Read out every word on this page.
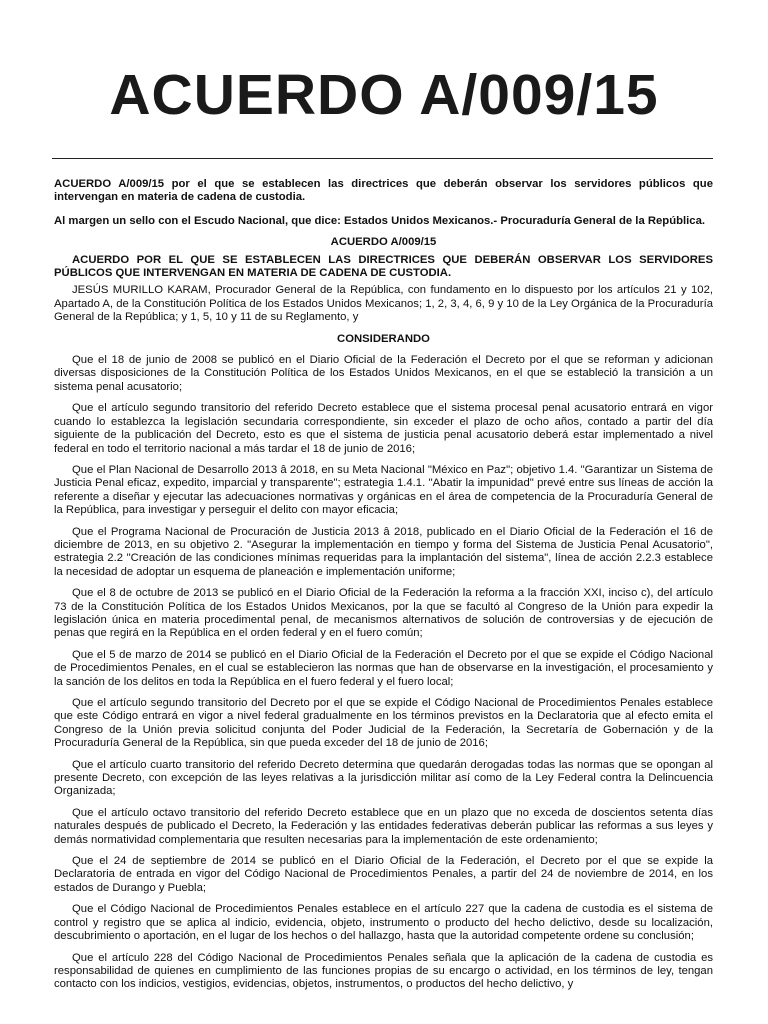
ACUERDO A/009/15

ACUERDO A/009/15 por el que se establecen las directrices que deberán observar los servidores públicos que intervengan en materia de cadena de custodia.

Al margen un sello con el Escudo Nacional, que dice: Estados Unidos Mexicanos.- Procuraduría General de la República.

ACUERDO A/009/15

ACUERDO POR EL QUE SE ESTABLECEN LAS DIRECTRICES QUE DEBERÁN OBSERVAR LOS SERVIDORES PÚBLICOS QUE INTERVENGAN EN MATERIA DE CADENA DE CUSTODIA.

JESÚS MURILLO KARAM, Procurador General de la República, con fundamento en lo dispuesto por los artículos 21 y 102, Apartado A, de la Constitución Política de los Estados Unidos Mexicanos; 1, 2, 3, 4, 6, 9 y 10 de la Ley Orgánica de la Procuraduría General de la República; y 1, 5, 10 y 11 de su Reglamento, y

CONSIDERANDO

Que el 18 de junio de 2008 se publicó en el Diario Oficial de la Federación el Decreto por el que se reforman y adicionan diversas disposiciones de la Constitución Política de los Estados Unidos Mexicanos, en el que se estableció la transición a un sistema penal acusatorio;

Que el artículo segundo transitorio del referido Decreto establece que el sistema procesal penal acusatorio entrará en vigor cuando lo establezca la legislación secundaria correspondiente, sin exceder el plazo de ocho años, contado a partir del día siguiente de la publicación del Decreto, esto es que el sistema de justicia penal acusatorio deberá estar implementado a nivel federal en todo el territorio nacional a más tardar el 18 de junio de 2016;

Que el Plan Nacional de Desarrollo 2013 â 2018, en su Meta Nacional "México en Paz"; objetivo 1.4. "Garantizar un Sistema de Justicia Penal eficaz, expedito, imparcial y transparente"; estrategia 1.4.1. "Abatir la impunidad" prevé entre sus líneas de acción la referente a diseñar y ejecutar las adecuaciones normativas y orgánicas en el área de competencia de la Procuraduría General de la República, para investigar y perseguir el delito con mayor eficacia;

Que el Programa Nacional de Procuración de Justicia 2013 â 2018, publicado en el Diario Oficial de la Federación el 16 de diciembre de 2013, en su objetivo 2. "Asegurar la implementación en tiempo y forma del Sistema de Justicia Penal Acusatorio", estrategia 2.2 "Creación de las condiciones mínimas requeridas para la implantación del sistema", línea de acción 2.2.3 establece la necesidad de adoptar un esquema de planeación e implementación uniforme;

Que el 8 de octubre de 2013 se publicó en el Diario Oficial de la Federación la reforma a la fracción XXI, inciso c), del artículo 73 de la Constitución Política de los Estados Unidos Mexicanos, por la que se facultó al Congreso de la Unión para expedir la legislación única en materia procedimental penal, de mecanismos alternativos de solución de controversias y de ejecución de penas que regirá en la República en el orden federal y en el fuero común;

Que el 5 de marzo de 2014 se publicó en el Diario Oficial de la Federación el Decreto por el que se expide el Código Nacional de Procedimientos Penales, en el cual se establecieron las normas que han de observarse en la investigación, el procesamiento y la sanción de los delitos en toda la República en el fuero federal y el fuero local;

Que el artículo segundo transitorio del Decreto por el que se expide el Código Nacional de Procedimientos Penales establece que este Código entrará en vigor a nivel federal gradualmente en los términos previstos en la Declaratoria que al efecto emita el Congreso de la Unión previa solicitud conjunta del Poder Judicial de la Federación, la Secretaría de Gobernación y de la Procuraduría General de la República, sin que pueda exceder del 18 de junio de 2016;

Que el artículo cuarto transitorio del referido Decreto determina que quedarán derogadas todas las normas que se opongan al presente Decreto, con excepción de las leyes relativas a la jurisdicción militar así como de la Ley Federal contra la Delincuencia Organizada;

Que el artículo octavo transitorio del referido Decreto establece que en un plazo que no exceda de doscientos setenta días naturales después de publicado el Decreto, la Federación y las entidades federativas deberán publicar las reformas a sus leyes y demás normatividad complementaria que resulten necesarias para la implementación de este ordenamiento;

Que el 24 de septiembre de 2014 se publicó en el Diario Oficial de la Federación, el Decreto por el que se expide la Declaratoria de entrada en vigor del Código Nacional de Procedimientos Penales, a partir del 24 de noviembre de 2014, en los estados de Durango y Puebla;

Que el Código Nacional de Procedimientos Penales establece en el artículo 227 que la cadena de custodia es el sistema de control y registro que se aplica al indicio, evidencia, objeto, instrumento o producto del hecho delictivo, desde su localización, descubrimiento o aportación, en el lugar de los hechos o del hallazgo, hasta que la autoridad competente ordene su conclusión;

Que el artículo 228 del Código Nacional de Procedimientos Penales señala que la aplicación de la cadena de custodia es responsabilidad de quienes en cumplimiento de las funciones propias de su encargo o actividad, en los términos de ley, tengan contacto con los indicios, vestigios, evidencias, objetos, instrumentos, o productos del hecho delictivo, y
